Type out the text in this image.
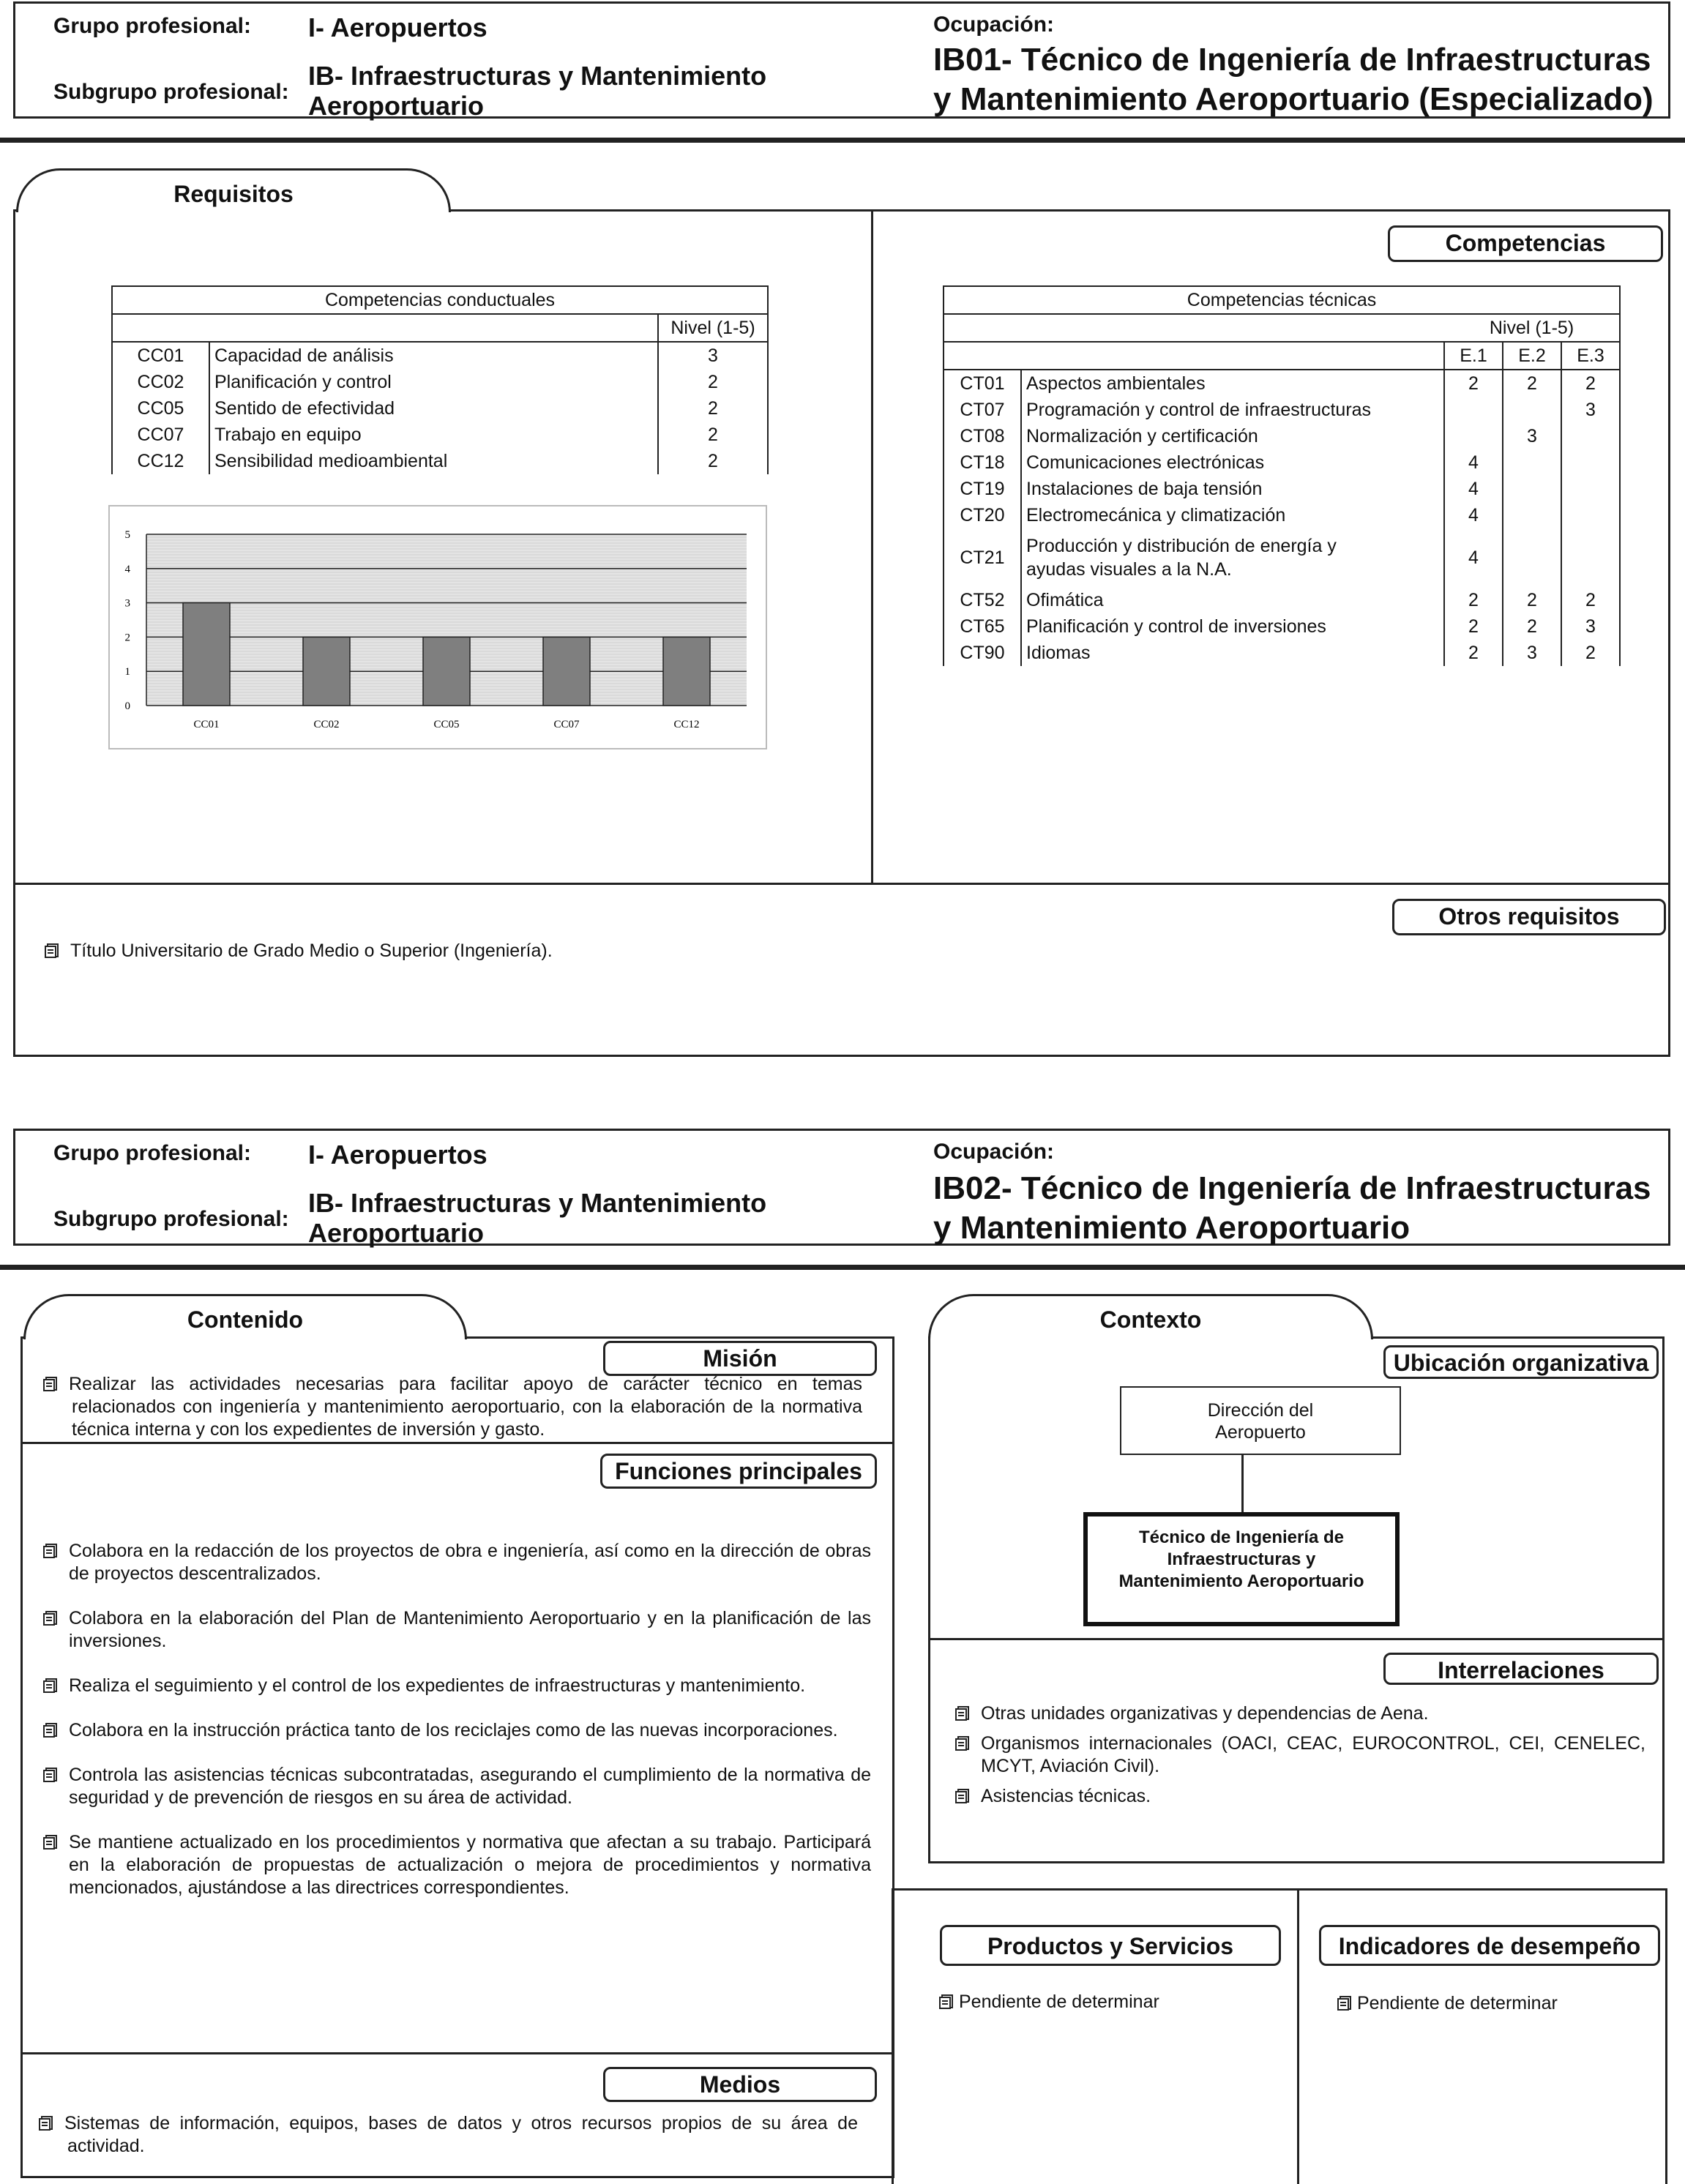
Grupo profesional: I- Aeropuertos
Subgrupo profesional:
IB- Infraestructuras y Mantenimiento
Aeroportuario
Ocupación:
IB01- Técnico de Ingeniería de Infraestructuras
y Mantenimiento Aeroportuario (Especializado)
Requisitos
Competencias
Competencias conductuales		
		Nivel (1-5)
CC01	Capacidad de análisis	3
CC02	Planificación y control	2
CC05	Sentido de efectividad	2
CC07	Trabajo en equipo	2
CC12	Sensibilidad medioambiental	2
0
1
2
3
4
5
CC01	CC02	CC05	CC07	CC12
Competencias técnicas				
		Nivel (1-5)		
		E.1	E.2	E.3
CT01	Aspectos ambientales	2	2	2
CT07	Programación y control de infraestructuras			3
CT08	Normalización y certificación		3	
CT18	Comunicaciones electrónicas	4		
CT19	Instalaciones de baja tensión	4		
CT20	Electromecánica y climatización	4		
CT21	Producción y distribución de energía y ayudas visuales a la N.A.	4		
CT52	Ofimática	2	2	2
CT65	Planificación y control de inversiones	2	2	3
CT90	Idiomas	2	3	2
Otros requisitos
Título Universitario de Grado Medio o Superior (Ingeniería).
Grupo profesional: I- Aeropuertos
Subgrupo profesional:
IB- Infraestructuras y Mantenimiento
Aeroportuario
Ocupación:
IB02- Técnico de Ingeniería de Infraestructuras
y Mantenimiento Aeroportuario
Contenido
Misión
Realizar las actividades necesarias para facilitar apoyo de carácter técnico en temas relacionados con ingeniería y mantenimiento aeroportuario, con la elaboración de la normativa técnica interna y con los expedientes de inversión y gasto.
Funciones principales

Colabora en la redacción de los proyectos de obra e ingeniería, así como en la dirección de obras de proyectos descentralizados.

Colabora en la elaboración del Plan de Mantenimiento Aeroportuario y en la planificación de las inversiones.

Realiza el seguimiento y el control de los expedientes de infraestructuras y mantenimiento.

Colabora en la instrucción práctica tanto de los reciclajes como de las nuevas incorporaciones.

Controla las asistencias técnicas subcontratadas, asegurando el cumplimiento de la normativa de seguridad y de prevención de riesgos en su área de actividad.

Se mantiene actualizado en los procedimientos y normativa que afectan a su trabajo. Participará en la elaboración de propuestas de actualización o mejora de procedimientos y normativa mencionados, ajustándose a las directrices correspondientes.

Medios
Sistemas de información, equipos, bases de datos y otros recursos propios de su área de actividad.
Contexto
Ubicación organizativa
Dirección del Aeropuerto
Técnico de Ingeniería de Infraestructuras y Mantenimiento Aeroportuario
Interrelaciones

Otras unidades organizativas y dependencias de Aena.

Organismos internacionales (OACI, CEAC, EUROCONTROL, CEI, CENELEC, MCYT, Aviación Civil).

Asistencias técnicas.

Productos y Servicios	Indicadores de desempeño
Pendiente de determinar	Pendiente de determinar
